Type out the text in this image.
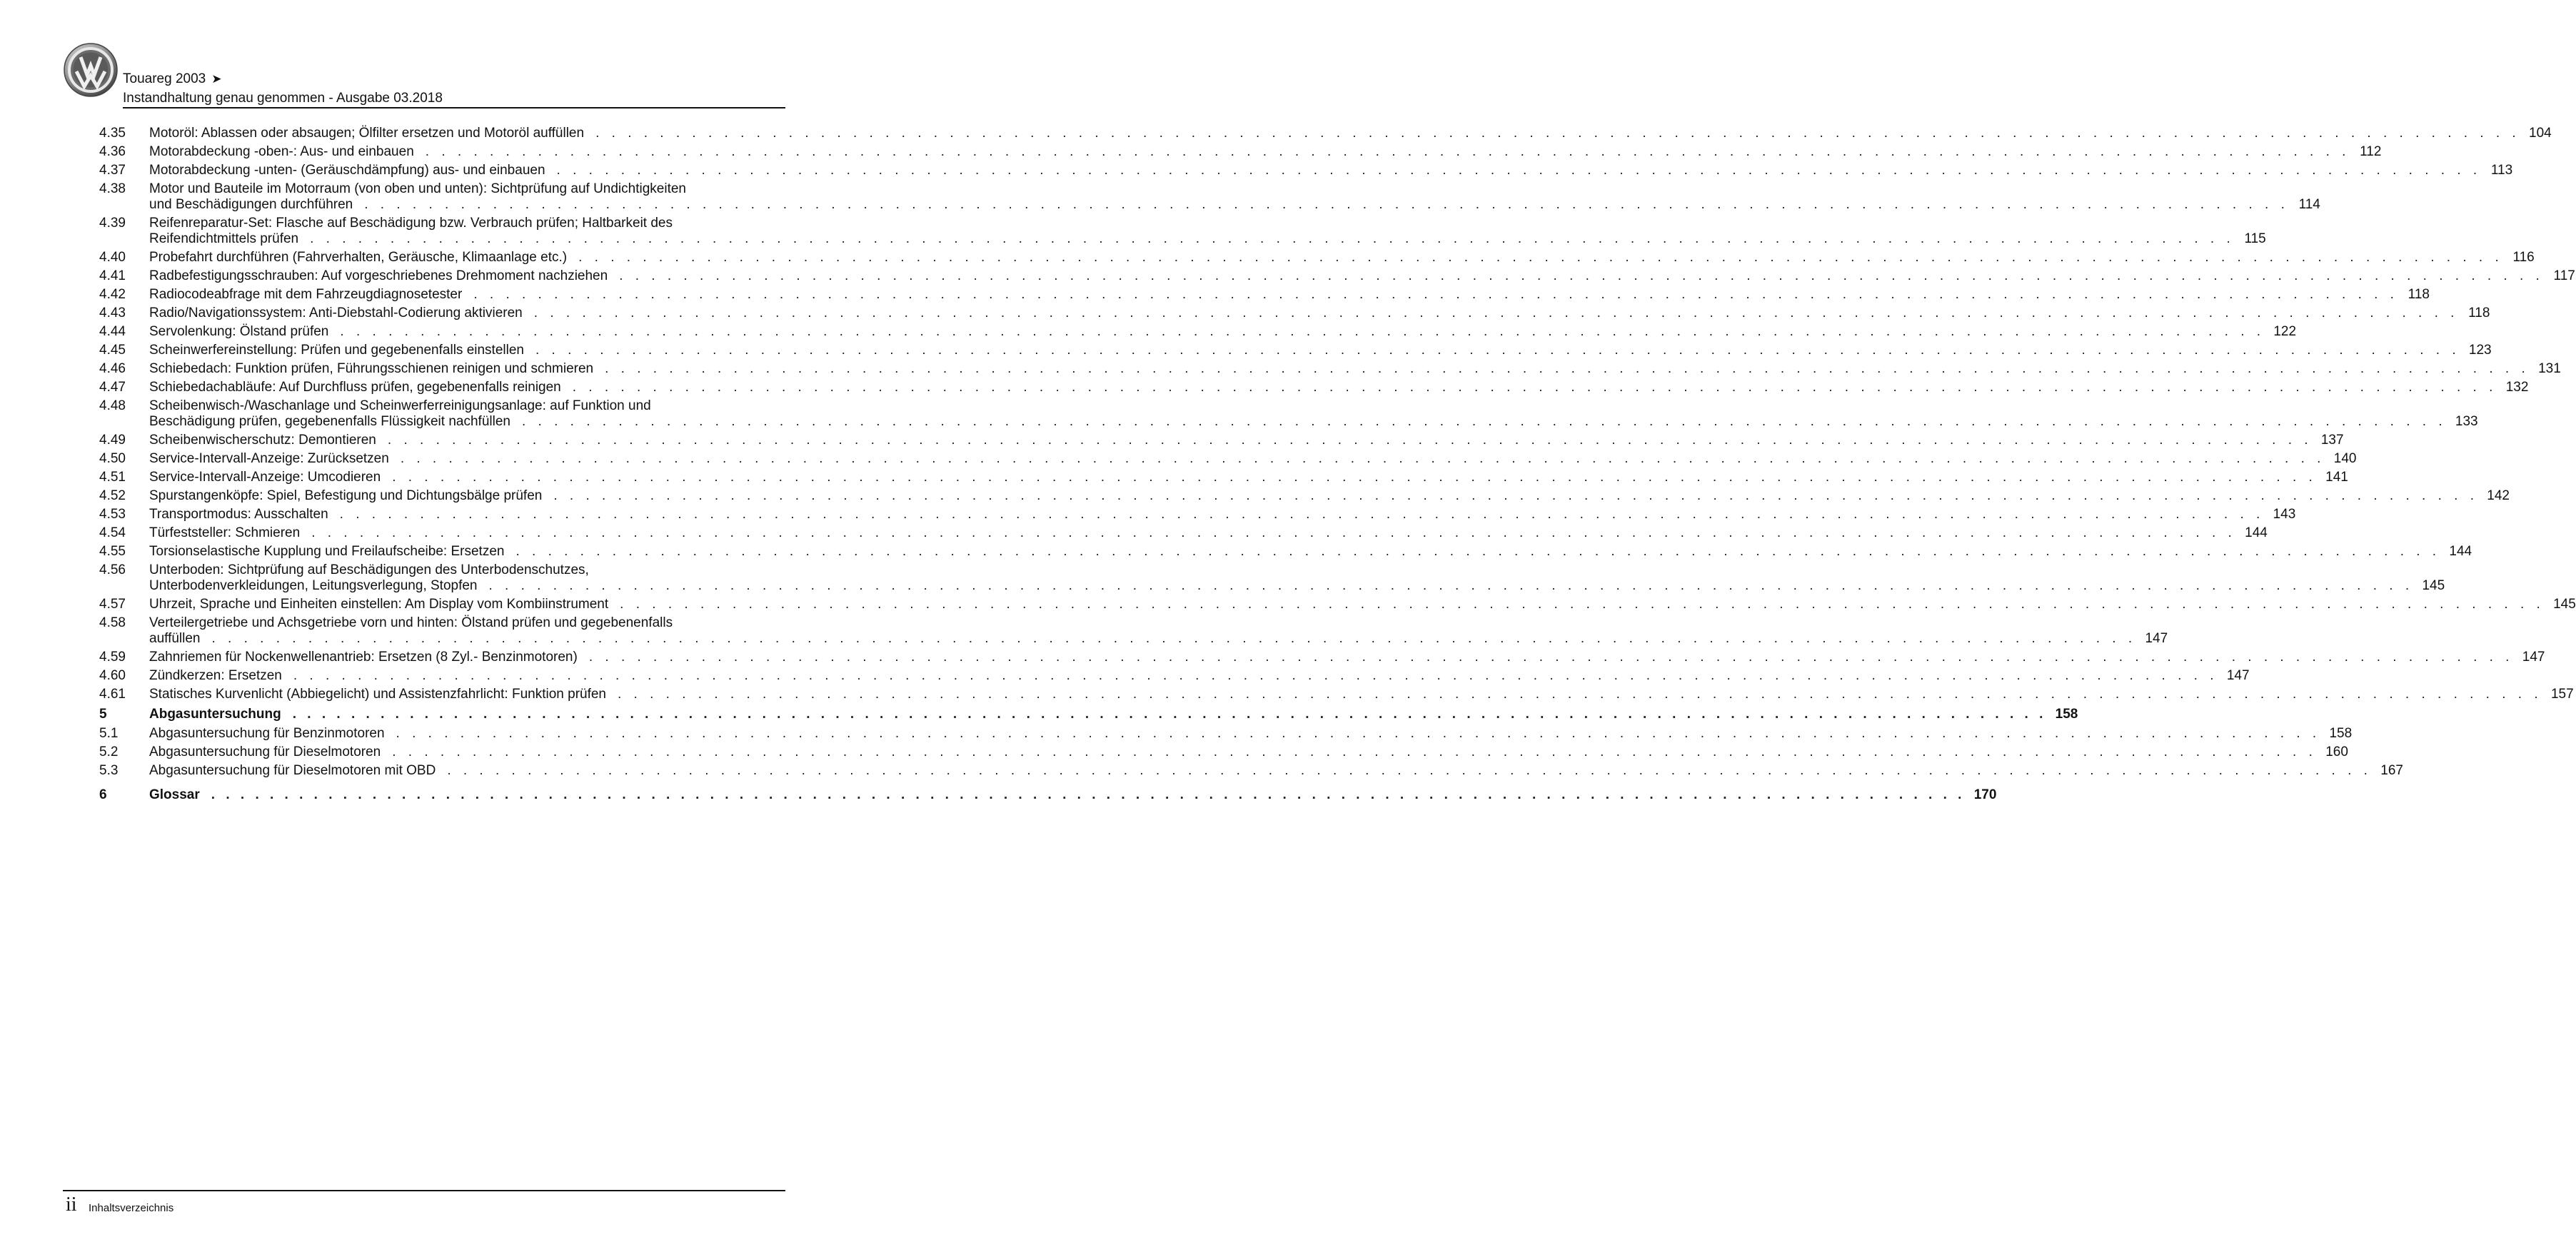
Touareg 2003 ➤
Instandhaltung genau genommen - Ausgabe 03.2018
4.35 Motoröl: Ablassen oder absaugen; Ölfilter ersetzen und Motoröl auffüllen . . . . . . . . . . . . . . . . . . . . . . . . . . . . . . . . . . . . . . . . . . . . . . . . . . . . . . . . . . . . . . . . . . . . . . . . . . . . . . . . . . . . . . . . . . . . . . . . . . . . . . . . . . . . . . . . . . . . . . . . 104
4.36 Motorabdeckung -oben-: Aus- und einbauen . . . . . . . . . . . . . . . . . . . . . . . . . . . . . . . . . . . . . . . . . . . . . . . . . . . . . . . . . . . . . . . . . . . . . . . . . . . . . . . . . . . . . . . . . . . . . . . . . . . . . . . . . . . . . . . . . . . . . . . . 112
4.37 Motorabdeckung -unten- (Geräuschdämpfung) aus- und einbauen . . . . . . . . . . . . . . . . . . . . . . . . . . . . . . . . . . . . . . . . . . . . . . . . . . . . . . . . . . . . . . . . . . . . . . . . . . . . . . . . . . . . . . . . . . . . . . . . . . . . . . . . . . . . . . . . . . . . . . . . 113
4.38 Motor und Bauteile im Motorraum (von oben und unten): Sichtprüfung auf Undichtigkeiten
und Beschädigungen durchführen . . . . . . . . . . . . . . . . . . . . . . . . . . . . . . . . . . . . . . . . . . . . . . . . . . . . . . . . . . . . . . . . . . . . . . . . . . . . . . . . . . . . . . . . . . . . . . . . . . . . . . . . . . . . . . . . . . . . . . . . 114
4.39 Reifenreparatur-Set: Flasche auf Beschädigung bzw. Verbrauch prüfen; Haltbarkeit des
Reifendichtmittels prüfen . . . . . . . . . . . . . . . . . . . . . . . . . . . . . . . . . . . . . . . . . . . . . . . . . . . . . . . . . . . . . . . . . . . . . . . . . . . . . . . . . . . . . . . . . . . . . . . . . . . . . . . . . . . . . . . . . . . . . . . . 115
4.40 Probefahrt durchführen (Fahrverhalten, Geräusche, Klimaanlage etc.) . . . . . . . . . . . . . . . . . . . . . . . . . . . . . . . . . . . . . . . . . . . . . . . . . . . . . . . . . . . . . . . . . . . . . . . . . . . . . . . . . . . . . . . . . . . . . . . . . . . . . . . . . . . . . . . . . . . . . . . . 116
4.41 Radbefestigungsschrauben: Auf vorgeschriebenes Drehmoment nachziehen . . . . . . . . . . . . . . . . . . . . . . . . . . . . . . . . . . . . . . . . . . . . . . . . . . . . . . . . . . . . . . . . . . . . . . . . . . . . . . . . . . . . . . . . . . . . . . . . . . . . . . . . . . . . . . . . . . . . . . . . 117
4.42 Radiocodeabfrage mit dem Fahrzeugdiagnosetester . . . . . . . . . . . . . . . . . . . . . . . . . . . . . . . . . . . . . . . . . . . . . . . . . . . . . . . . . . . . . . . . . . . . . . . . . . . . . . . . . . . . . . . . . . . . . . . . . . . . . . . . . . . . . . . . . . . . . . . . 118
4.43 Radio/Navigationssystem: Anti-Diebstahl-Codierung aktivieren . . . . . . . . . . . . . . . . . . . . . . . . . . . . . . . . . . . . . . . . . . . . . . . . . . . . . . . . . . . . . . . . . . . . . . . . . . . . . . . . . . . . . . . . . . . . . . . . . . . . . . . . . . . . . . . . . . . . . . . . 118
4.44 Servolenkung: Ölstand prüfen . . . . . . . . . . . . . . . . . . . . . . . . . . . . . . . . . . . . . . . . . . . . . . . . . . . . . . . . . . . . . . . . . . . . . . . . . . . . . . . . . . . . . . . . . . . . . . . . . . . . . . . . . . . . . . . . . . . . . . . . 122
4.45 Scheinwerfereinstellung: Prüfen und gegebenenfalls einstellen . . . . . . . . . . . . . . . . . . . . . . . . . . . . . . . . . . . . . . . . . . . . . . . . . . . . . . . . . . . . . . . . . . . . . . . . . . . . . . . . . . . . . . . . . . . . . . . . . . . . . . . . . . . . . . . . . . . . . . . . 123
4.46 Schiebedach: Funktion prüfen, Führungsschienen reinigen und schmieren . . . . . . . . . . . . . . . . . . . . . . . . . . . . . . . . . . . . . . . . . . . . . . . . . . . . . . . . . . . . . . . . . . . . . . . . . . . . . . . . . . . . . . . . . . . . . . . . . . . . . . . . . . . . . . . . . . . . . . . . 131
4.47 Schiebedachabläufe: Auf Durchfluss prüfen, gegebenenfalls reinigen . . . . . . . . . . . . . . . . . . . . . . . . . . . . . . . . . . . . . . . . . . . . . . . . . . . . . . . . . . . . . . . . . . . . . . . . . . . . . . . . . . . . . . . . . . . . . . . . . . . . . . . . . . . . . . . . . . . . . . . . 132
4.48 Scheibenwisch-/Waschanlage und Scheinwerferreinigungsanlage: auf Funktion und
Beschädigung prüfen, gegebenenfalls Flüssigkeit nachfüllen . . . . . . . . . . . . . . . . . . . . . . . . . . . . . . . . . . . . . . . . . . . . . . . . . . . . . . . . . . . . . . . . . . . . . . . . . . . . . . . . . . . . . . . . . . . . . . . . . . . . . . . . . . . . . . . . . . . . . . . . 133
4.49 Scheibenwischerschutz: Demontieren . . . . . . . . . . . . . . . . . . . . . . . . . . . . . . . . . . . . . . . . . . . . . . . . . . . . . . . . . . . . . . . . . . . . . . . . . . . . . . . . . . . . . . . . . . . . . . . . . . . . . . . . . . . . . . . . . . . . . . . . 137
4.50 Service-Intervall-Anzeige: Zurücksetzen . . . . . . . . . . . . . . . . . . . . . . . . . . . . . . . . . . . . . . . . . . . . . . . . . . . . . . . . . . . . . . . . . . . . . . . . . . . . . . . . . . . . . . . . . . . . . . . . . . . . . . . . . . . . . . . . . . . . . . . . 140
4.51 Service-Intervall-Anzeige: Umcodieren . . . . . . . . . . . . . . . . . . . . . . . . . . . . . . . . . . . . . . . . . . . . . . . . . . . . . . . . . . . . . . . . . . . . . . . . . . . . . . . . . . . . . . . . . . . . . . . . . . . . . . . . . . . . . . . . . . . . . . . . 141
4.52 Spurstangenköpfe: Spiel, Befestigung und Dichtungsbälge prüfen . . . . . . . . . . . . . . . . . . . . . . . . . . . . . . . . . . . . . . . . . . . . . . . . . . . . . . . . . . . . . . . . . . . . . . . . . . . . . . . . . . . . . . . . . . . . . . . . . . . . . . . . . . . . . . . . . . . . . . . . 142
4.53 Transportmodus: Ausschalten . . . . . . . . . . . . . . . . . . . . . . . . . . . . . . . . . . . . . . . . . . . . . . . . . . . . . . . . . . . . . . . . . . . . . . . . . . . . . . . . . . . . . . . . . . . . . . . . . . . . . . . . . . . . . . . . . . . . . . . . 143
4.54 Türfeststeller: Schmieren . . . . . . . . . . . . . . . . . . . . . . . . . . . . . . . . . . . . . . . . . . . . . . . . . . . . . . . . . . . . . . . . . . . . . . . . . . . . . . . . . . . . . . . . . . . . . . . . . . . . . . . . . . . . . . . . . . . . . . . . 144
4.55 Torsionselastische Kupplung und Freilaufscheibe: Ersetzen . . . . . . . . . . . . . . . . . . . . . . . . . . . . . . . . . . . . . . . . . . . . . . . . . . . . . . . . . . . . . . . . . . . . . . . . . . . . . . . . . . . . . . . . . . . . . . . . . . . . . . . . . . . . . . . . . . . . . . . . 144
4.56 Unterboden: Sichtprüfung auf Beschädigungen des Unterbodenschutzes,
Unterbodenverkleidungen, Leitungsverlegung, Stopfen . . . . . . . . . . . . . . . . . . . . . . . . . . . . . . . . . . . . . . . . . . . . . . . . . . . . . . . . . . . . . . . . . . . . . . . . . . . . . . . . . . . . . . . . . . . . . . . . . . . . . . . . . . . . . . . . . . . . . . . . 145
4.57 Uhrzeit, Sprache und Einheiten einstellen: Am Display vom Kombiinstrument . . . . . . . . . . . . . . . . . . . . . . . . . . . . . . . . . . . . . . . . . . . . . . . . . . . . . . . . . . . . . . . . . . . . . . . . . . . . . . . . . . . . . . . . . . . . . . . . . . . . . . . . . . . . . . . . . . . . . . . . 145
4.58 Verteilergetriebe und Achsgetriebe vorn und hinten: Ölstand prüfen und gegebenenfalls
auffüllen . . . . . . . . . . . . . . . . . . . . . . . . . . . . . . . . . . . . . . . . . . . . . . . . . . . . . . . . . . . . . . . . . . . . . . . . . . . . . . . . . . . . . . . . . . . . . . . . . . . . . . . . . . . . . . . . . . . . . . . . 147
4.59 Zahnriemen für Nockenwellenantrieb: Ersetzen (8 Zyl.- Benzinmotoren) . . . . . . . . . . . . . . . . . . . . . . . . . . . . . . . . . . . . . . . . . . . . . . . . . . . . . . . . . . . . . . . . . . . . . . . . . . . . . . . . . . . . . . . . . . . . . . . . . . . . . . . . . . . . . . . . . . . . . . . . 147
4.60 Zündkerzen: Ersetzen . . . . . . . . . . . . . . . . . . . . . . . . . . . . . . . . . . . . . . . . . . . . . . . . . . . . . . . . . . . . . . . . . . . . . . . . . . . . . . . . . . . . . . . . . . . . . . . . . . . . . . . . . . . . . . . . . . . . . . . . 147
4.61 Statisches Kurvenlicht (Abbiegelicht) und Assistenzfahrlicht: Funktion prüfen . . . . . . . . . . . . . . . . . . . . . . . . . . . . . . . . . . . . . . . . . . . . . . . . . . . . . . . . . . . . . . . . . . . . . . . . . . . . . . . . . . . . . . . . . . . . . . . . . . . . . . . . . . . . . . . . . . . . . . . . 157
5	Abgasuntersuchung . . . . . . . . . . . . . . . . . . . . . . . . . . . . . . . . . . . . . . . . . . . . . . . . . . . . . . . . . . . . . . . . . . . . . . . . . . . . . . . . . . . . . . . . . . . . . . . . . . . . . . . . . . . . . . . . . . . . . . . . 158
5.1 Abgasuntersuchung für Benzinmotoren . . . . . . . . . . . . . . . . . . . . . . . . . . . . . . . . . . . . . . . . . . . . . . . . . . . . . . . . . . . . . . . . . . . . . . . . . . . . . . . . . . . . . . . . . . . . . . . . . . . . . . . . . . . . . . . . . . . . . . . . 158
5.2 Abgasuntersuchung für Dieselmotoren . . . . . . . . . . . . . . . . . . . . . . . . . . . . . . . . . . . . . . . . . . . . . . . . . . . . . . . . . . . . . . . . . . . . . . . . . . . . . . . . . . . . . . . . . . . . . . . . . . . . . . . . . . . . . . . . . . . . . . . . 160
5.3 Abgasuntersuchung für Dieselmotoren mit OBD . . . . . . . . . . . . . . . . . . . . . . . . . . . . . . . . . . . . . . . . . . . . . . . . . . . . . . . . . . . . . . . . . . . . . . . . . . . . . . . . . . . . . . . . . . . . . . . . . . . . . . . . . . . . . . . . . . . . . . . . 167
6	Glossar . . . . . . . . . . . . . . . . . . . . . . . . . . . . . . . . . . . . . . . . . . . . . . . . . . . . . . . . . . . . . . . . . . . . . . . . . . . . . . . . . . . . . . . . . . . . . . . . . . . . . . . . . . . . . . . . . . . . . . . . 170
ii Inhaltsverzeichnis
